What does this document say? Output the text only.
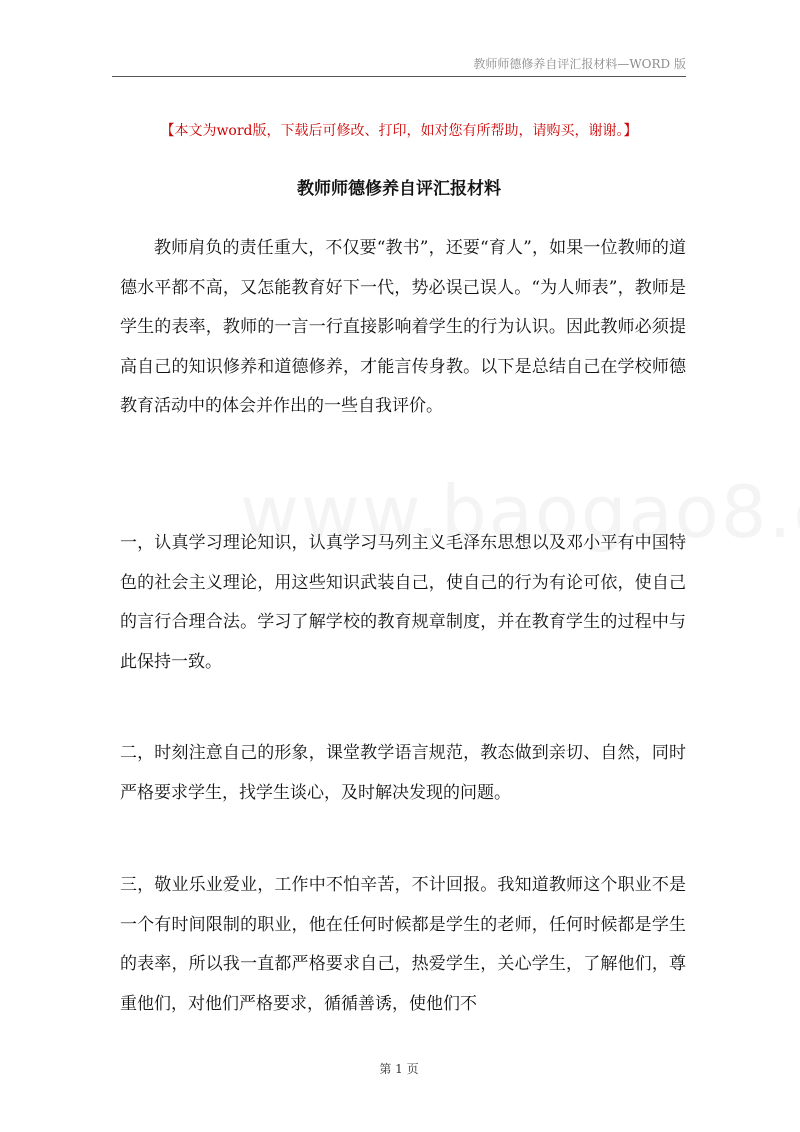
教师师德修养自评汇报材料—WORD 版
【本文为word版，下载后可修改、打印，如对您有所帮助，请购买，谢谢。】
教师师德修养自评汇报材料

教师肩负的责任重大，不仅要“教书”，还要“育人”，如果一位教师的道德水平都不高，又怎能教育好下一代，势必误己误人。“为人师表”，教师是学生的表率，教师的一言一行直接影响着学生的行为认识。因此教师必须提高自己的知识修养和道德修养，才能言传身教。以下是总结自己在学校师德教育活动中的体会并作出的一些自我评价。

一，认真学习理论知识，认真学习马列主义毛泽东思想以及邓小平有中国特色的社会主义理论，用这些知识武装自己，使自己的行为有论可依，使自己的言行合理合法。学习了解学校的教育规章制度，并在教育学生的过程中与此保持一致。

二，时刻注意自己的形象，课堂教学语言规范，教态做到亲切、自然，同时严格要求学生，找学生谈心，及时解决发现的问题。

三，敬业乐业爱业，工作中不怕辛苦，不计回报。我知道教师这个职业不是一个有时间限制的职业，他在任何时候都是学生的老师，任何时候都是学生的表率，所以我一直都严格要求自己，热爱学生，关心学生，了解他们，尊重他们，对他们严格要求，循循善诱，使他们不

第 1 页
